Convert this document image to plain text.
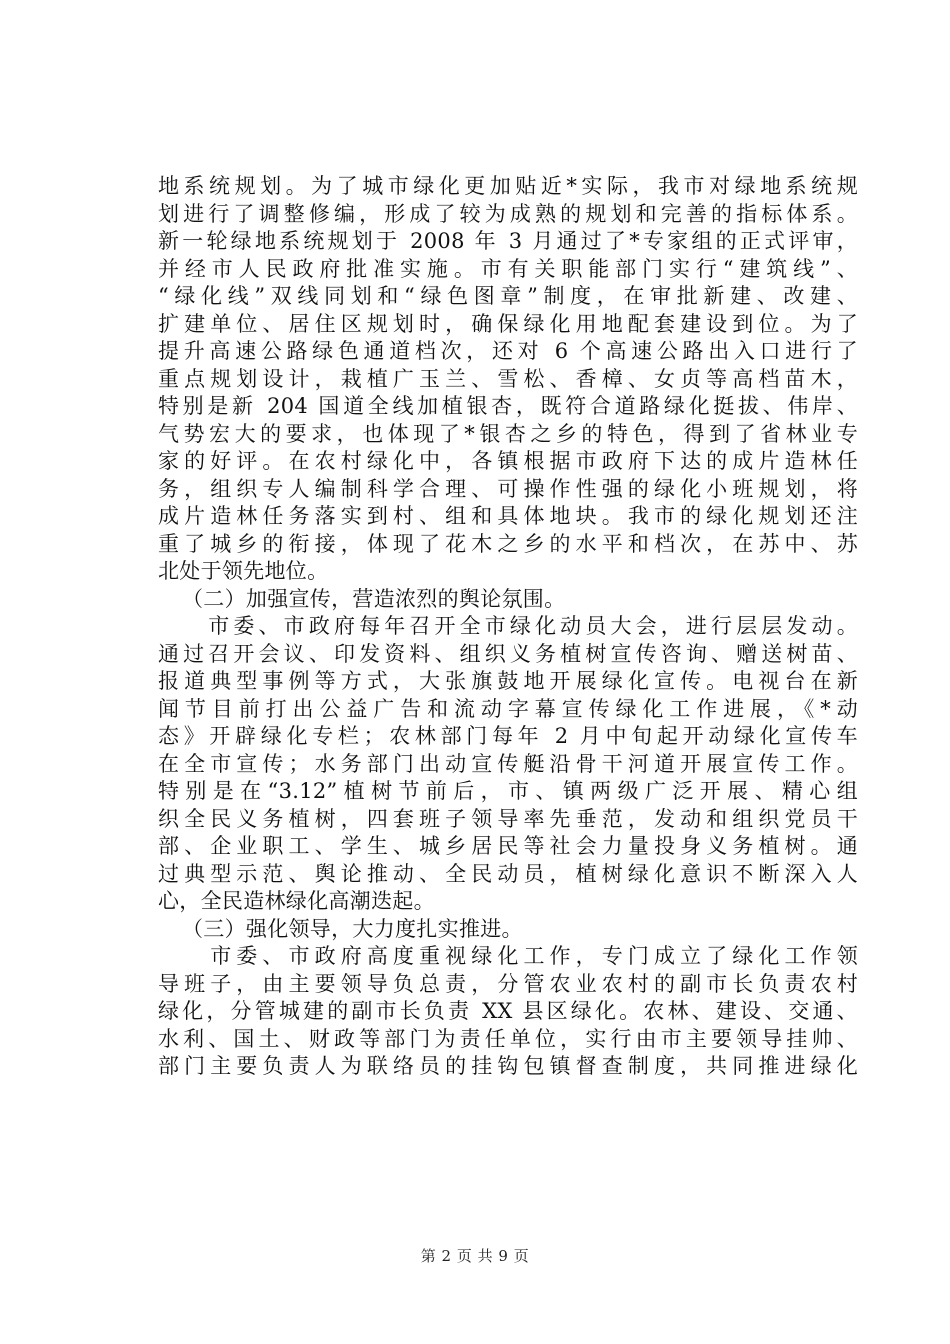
地系统规划。为了城市绿化更加贴近*实际，我市对绿地系统规
划进行了调整修编，形成了较为成熟的规划和完善的指标体系。
新一轮绿地系统规划于 2008 年 3 月通过了*专家组的正式评审，
并经市人民政府批准实施。市有关职能部门实行“建筑线”、
“绿化线”双线同划和“绿色图章”制度，在审批新建、改建、
扩建单位、居住区规划时，确保绿化用地配套建设到位。为了
提升高速公路绿色通道档次，还对 6 个高速公路出入口进行了
重点规划设计，栽植广玉兰、雪松、香樟、女贞等高档苗木，
特别是新 204 国道全线加植银杏，既符合道路绿化挺拔、伟岸、
气势宏大的要求，也体现了*银杏之乡的特色，得到了省林业专
家的好评。在农村绿化中，各镇根据市政府下达的成片造林任
务，组织专人编制科学合理、可操作性强的绿化小班规划，将
成片造林任务落实到村、组和具体地块。我市的绿化规划还注
重了城乡的衔接，体现了花木之乡的水平和档次，在苏中、苏
北处于领先地位。
（二）加强宣传，营造浓烈的舆论氛围。
　　市委、市政府每年召开全市绿化动员大会，进行层层发动。
通过召开会议、印发资料、组织义务植树宣传咨询、赠送树苗、
报道典型事例等方式，大张旗鼓地开展绿化宣传。电视台在新
闻节目前打出公益广告和流动字幕宣传绿化工作进展，《*动
态》开辟绿化专栏；农林部门每年 2 月中旬起开动绿化宣传车
在全市宣传；水务部门出动宣传艇沿骨干河道开展宣传工作。
特别是在“3.12”植树节前后，市、镇两级广泛开展、精心组
织全民义务植树，四套班子领导率先垂范，发动和组织党员干
部、企业职工、学生、城乡居民等社会力量投身义务植树。通
过典型示范、舆论推动、全民动员，植树绿化意识不断深入人
心，全民造林绿化高潮迭起。
（三）强化领导，大力度扎实推进。
　　市委、市政府高度重视绿化工作，专门成立了绿化工作领
导班子，由主要领导负总责，分管农业农村的副市长负责农村
绿化，分管城建的副市长负责 XX 县区绿化。农林、建设、交通、
水利、国土、财政等部门为责任单位，实行由市主要领导挂帅、
部门主要负责人为联络员的挂钩包镇督查制度，共同推进绿化
第 2 页 共 9 页
